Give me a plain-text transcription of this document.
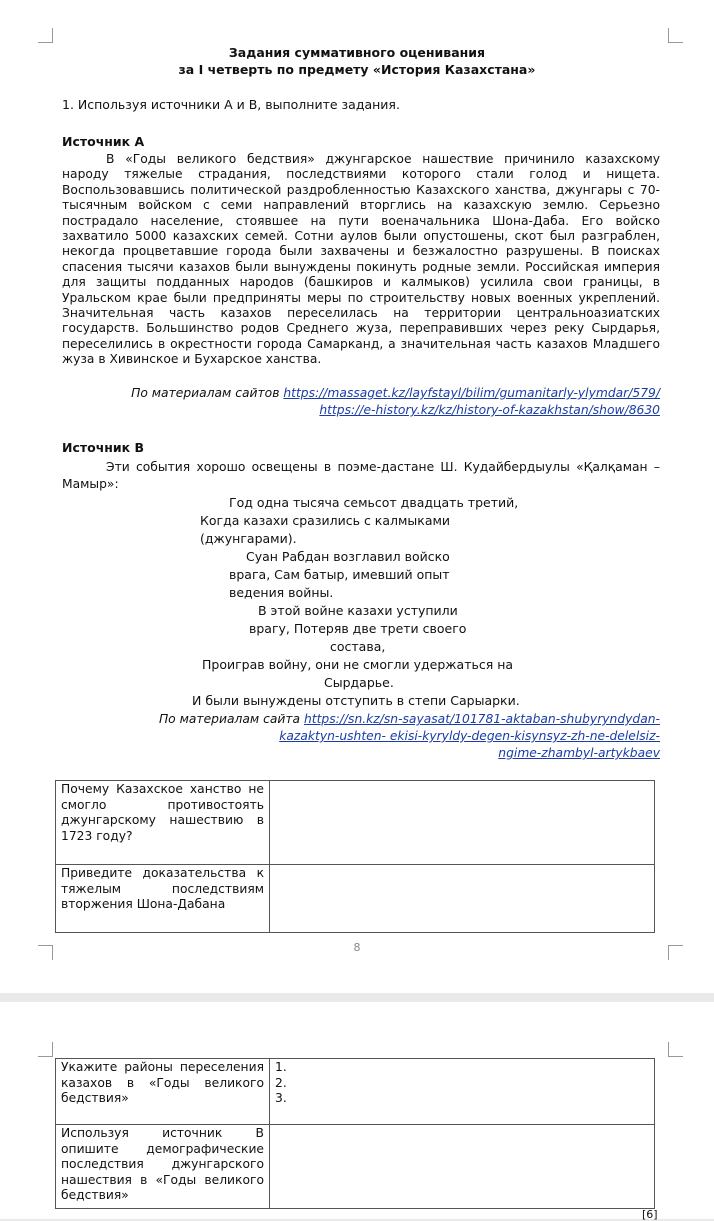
Задания суммативного оценивания
за I четверть по предмету «История Казахстана»
1. Используя источники А и В, выполните задания.
Источник А
В «Годы великого бедствия» джунгарское нашествие причинило казахскому народу тяжелые страдания, последствиями которого стали голод и нищета. Воспользовавшись политической раздробленностью Казахского ханства, джунгары с 70-тысячным войском с семи направлений вторглись на казахскую землю. Серьезно пострадало население, стоявшее на пути военачальника Шона-Даба. Его войско захватило 5000 казахских семей. Сотни аулов были опустошены, скот был разграблен, некогда процветавшие города были захвачены и безжалостно разрушены. В поисках спасения тысячи казахов были вынуждены покинуть родные земли. Российская империя для защиты подданных народов (башкиров и калмыков) усилила свои границы, в Уральском крае были предприняты меры по строительству новых военных укреплений. Значительная часть казахов переселилась на территории центральноазиатских государств. Большинство родов Среднего жуза, переправивших через реку Сырдарья, переселились в окрестности города Самарканд, а значительная часть казахов Младшего жуза в Хивинское и Бухарское ханства.
По материалам сайтов https://massaget.kz/layfstayl/bilim/gumanitarly-ylymdar/579/
https://e-history.kz/kz/history-of-kazakhstan/show/8630
Источник В
Эти события хорошо освещены в поэме-дастане Ш. Кудайбердыулы «Қалқаман – Мамыр»:
Год одна тысяча семьсот двадцать третий,
Когда казахи сразились с калмыками
(джунгарами).
Суан Рабдан возглавил войско
врага, Сам батыр, имевший опыт
ведения войны.
В этой войне казахи уступили
врагу, Потеряв две трети своего
состава,
Проиграв войну, они не смогли удержаться на
Сырдарье.
И были вынуждены отступить в степи Сарыарки.
По материалам сайта https://sn.kz/sn-sayasat/101781-aktaban-shubyryndydan-
kazaktyn-ushten- ekisi-kyryldy-degen-kisynsyz-zh-ne-delelsiz-
ngime-zhambyl-artykbaev
Почему Казахское ханство не смогло противостоять джунгарскому нашествию в 1723 году?	
Приведите доказательства к тяжелым последствиям вторжения Шона-Дабана	
8
Укажите районы переселения казахов в «Годы великого бедствия»	1.
2.
3.

Используя источник В опишите демографические последствия джунгарского нашествия в «Годы великого бедствия»	
[6]
